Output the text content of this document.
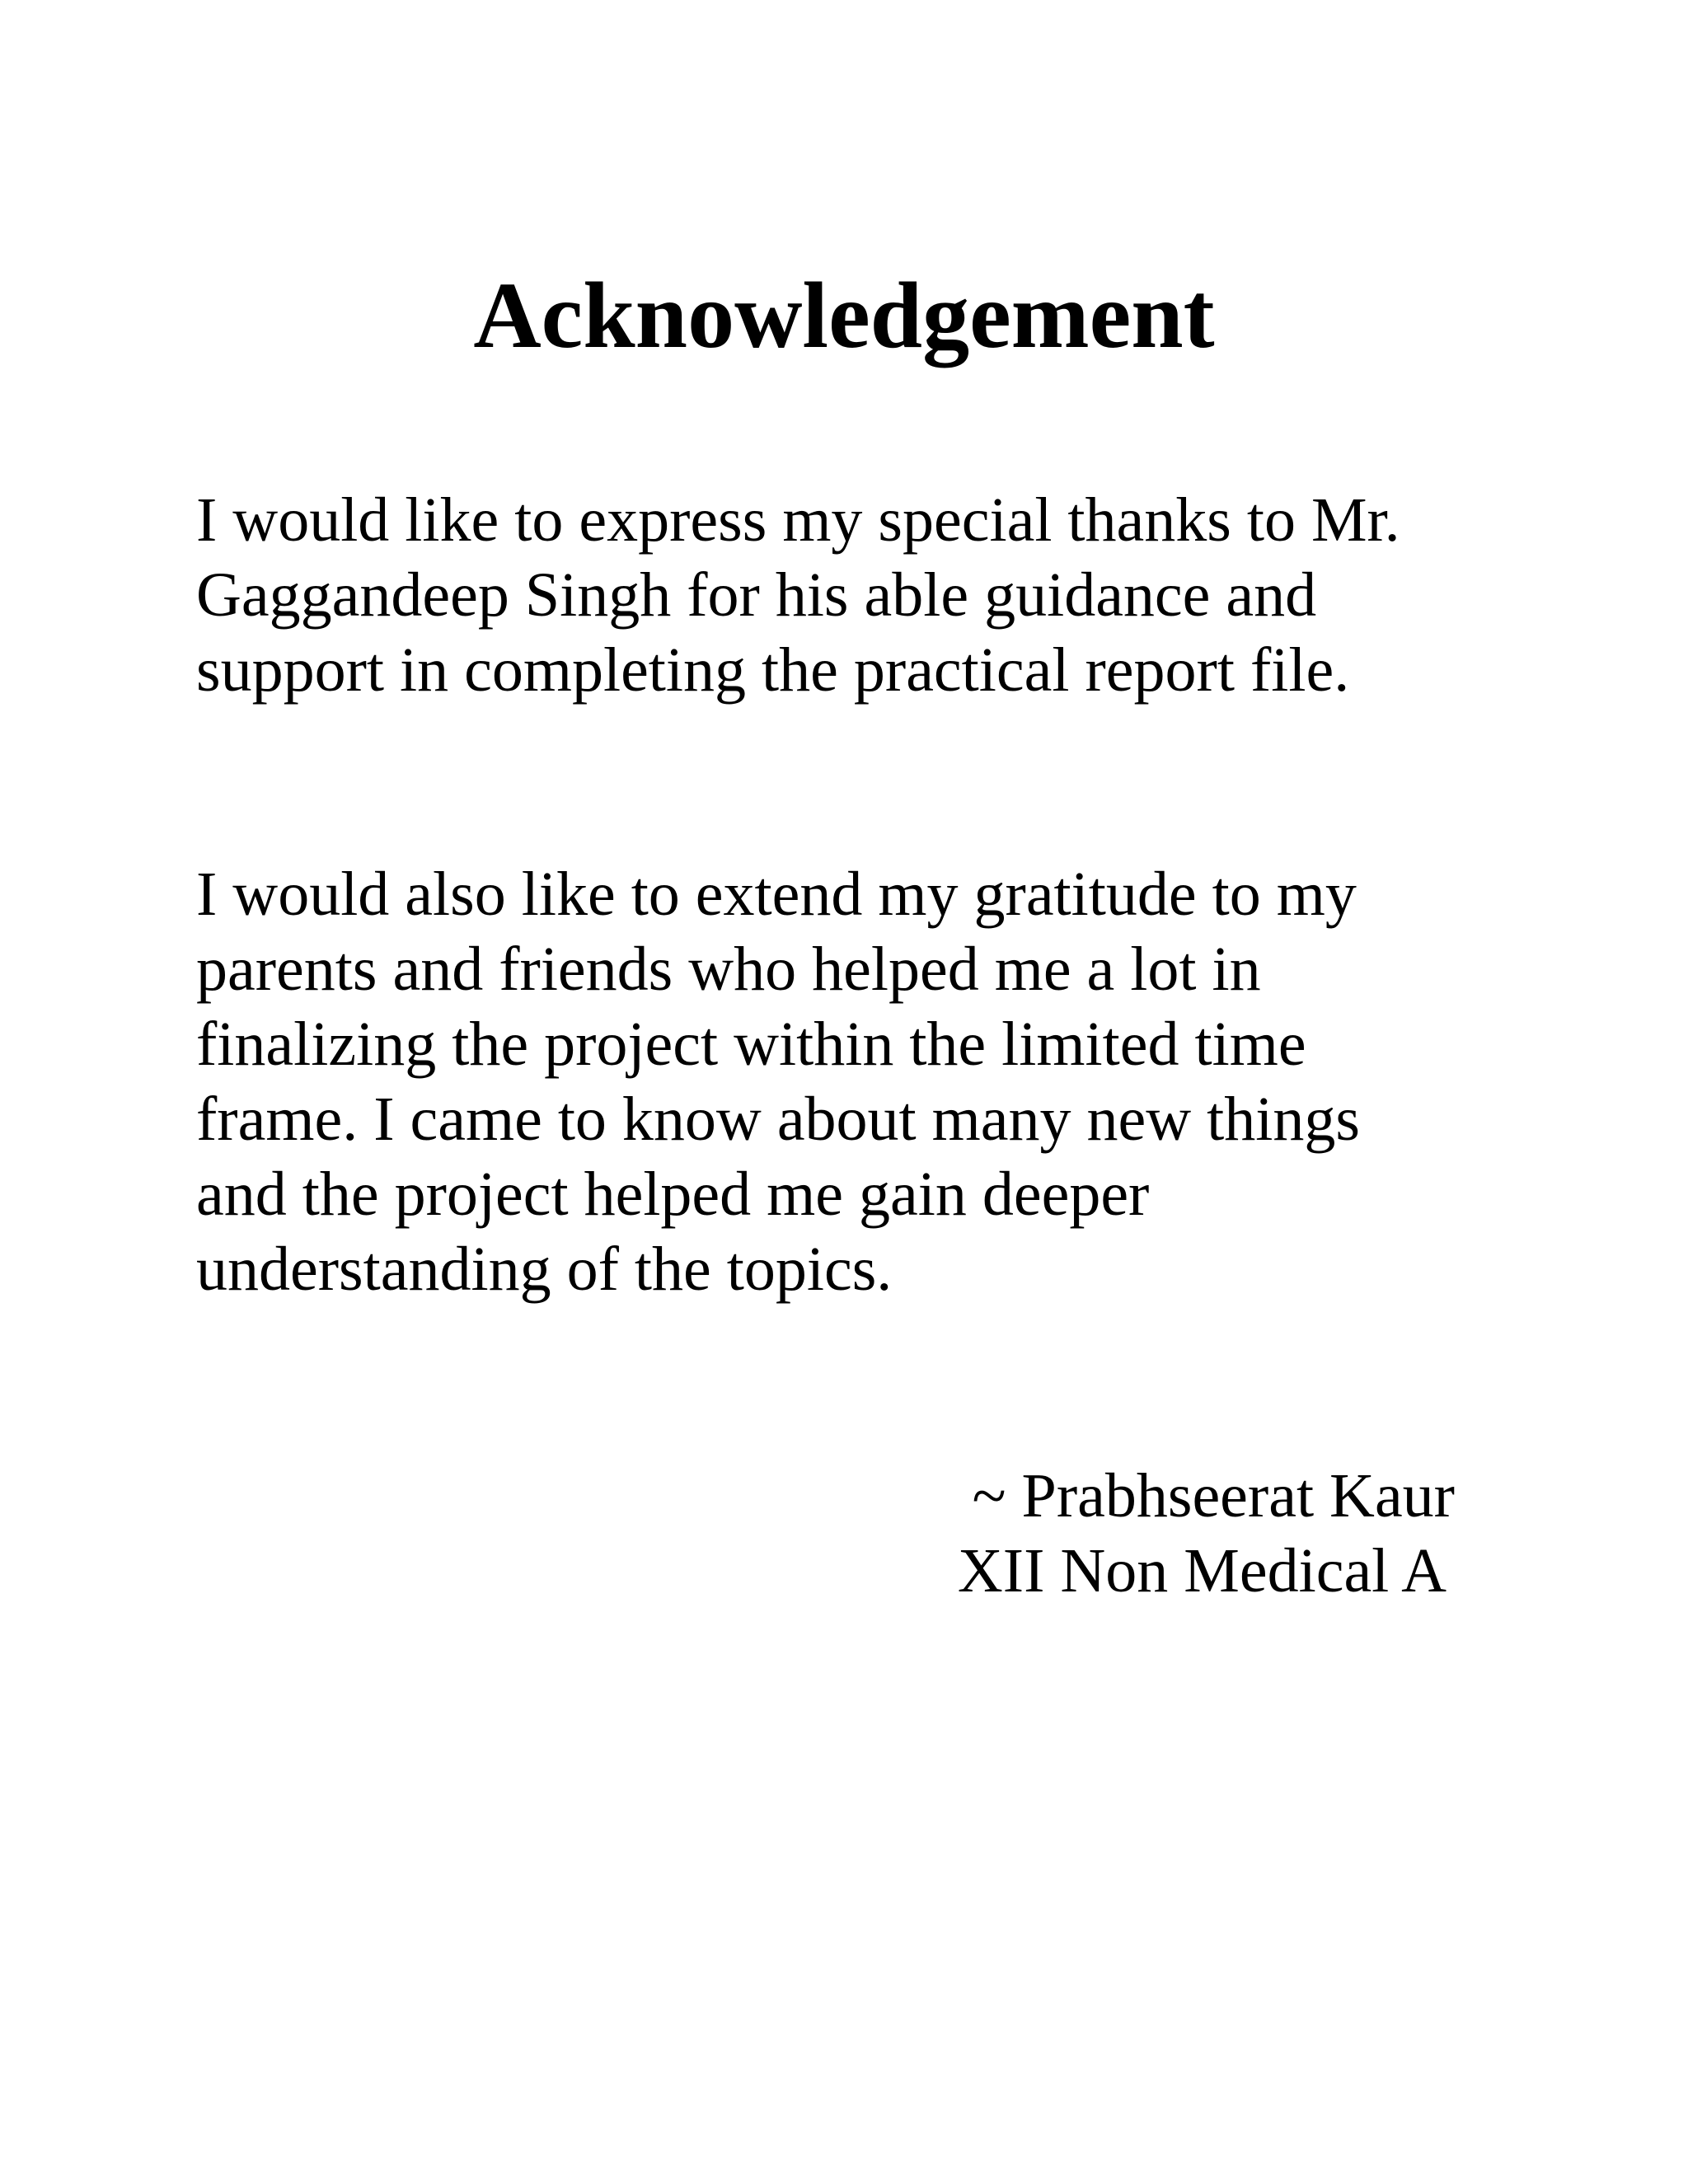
Acknowledgement

I would like to express my special thanks to Mr.
Gaggandeep Singh for his able guidance and
support in completing the practical report file.

I would also like to extend my gratitude to my
parents and friends who helped me a lot in
finalizing the project within the limited time
frame. I came to know about many new things
and the project helped me gain deeper
understanding of the topics.

~ Prabhseerat Kaur
XII Non Medical A
